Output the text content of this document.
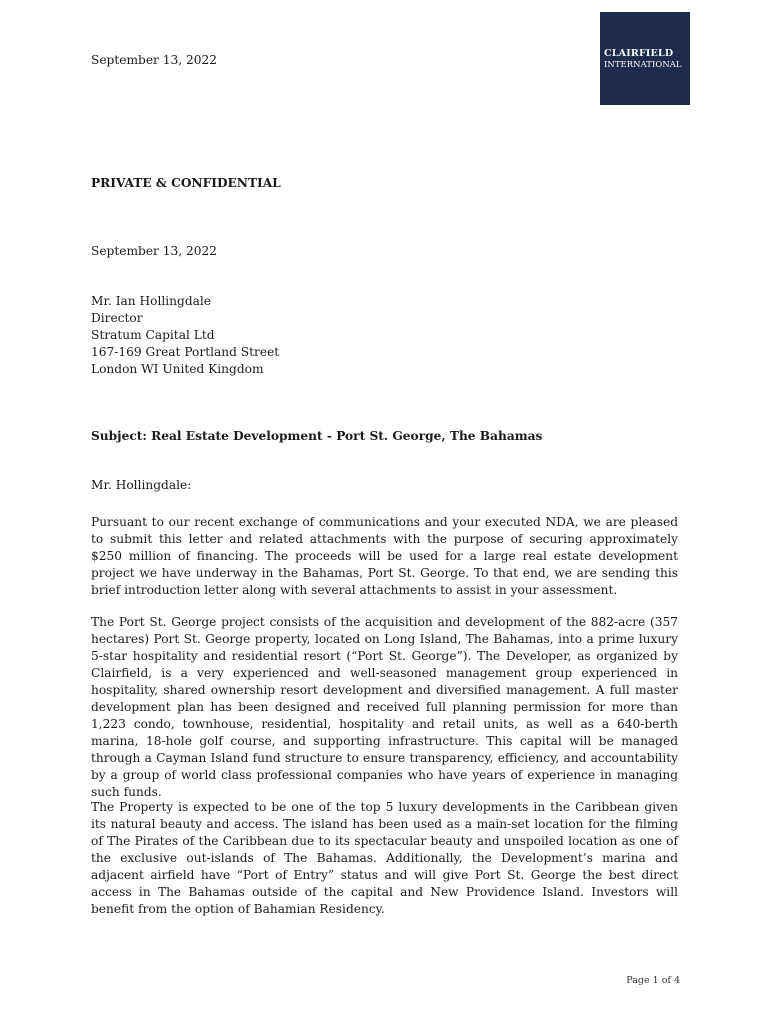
September 13, 2022	CLAIRFIELD
INTERNATIONAL
PRIVATE & CONFIDENTIAL
September 13, 2022
Mr. Ian Hollingdale
Director
Stratum Capital Ltd
167-169 Great Portland Street
London WI United Kingdom
Subject: Real Estate Development - Port St. George, The Bahamas
Mr. Hollingdale:

Pursuant to our recent exchange of communications and your executed NDA, we are pleased to submit this letter and related attachments with the purpose of securing approximately $250 million of financing. The proceeds will be used for a large real estate development project we have underway in the Bahamas, Port St. George. To that end, we are sending this brief introduction letter along with several attachments to assist in your assessment.

The Port St. George project consists of the acquisition and development of the 882-acre (357 hectares) Port St. George property, located on Long Island, The Bahamas, into a prime luxury 5-star hospitality and residential resort (“Port St. George”). The Developer, as organized by Clairfield, is a very experienced and well-seasoned management group experienced in hospitality, shared ownership resort development and diversified management. A full master development plan has been designed and received full planning permission for more than 1,223 condo, townhouse, residential, hospitality and retail units, as well as a 640-berth marina, 18-hole golf course, and supporting infrastructure. This capital will be managed through a Cayman Island fund structure to ensure transparency, efficiency, and accountability by a group of world class professional companies who have years of experience in managing such funds.

The Property is expected to be one of the top 5 luxury developments in the Caribbean given its natural beauty and access. The island has been used as a main-set location for the filming of The Pirates of the Caribbean due to its spectacular beauty and unspoiled location as one of the exclusive out-islands of The Bahamas. Additionally, the Development’s marina and adjacent airfield have “Port of Entry” status and will give Port St. George the best direct access in The Bahamas outside of the capital and New Providence Island. Investors will benefit from the option of Bahamian Residency.

Page 1 of 4
